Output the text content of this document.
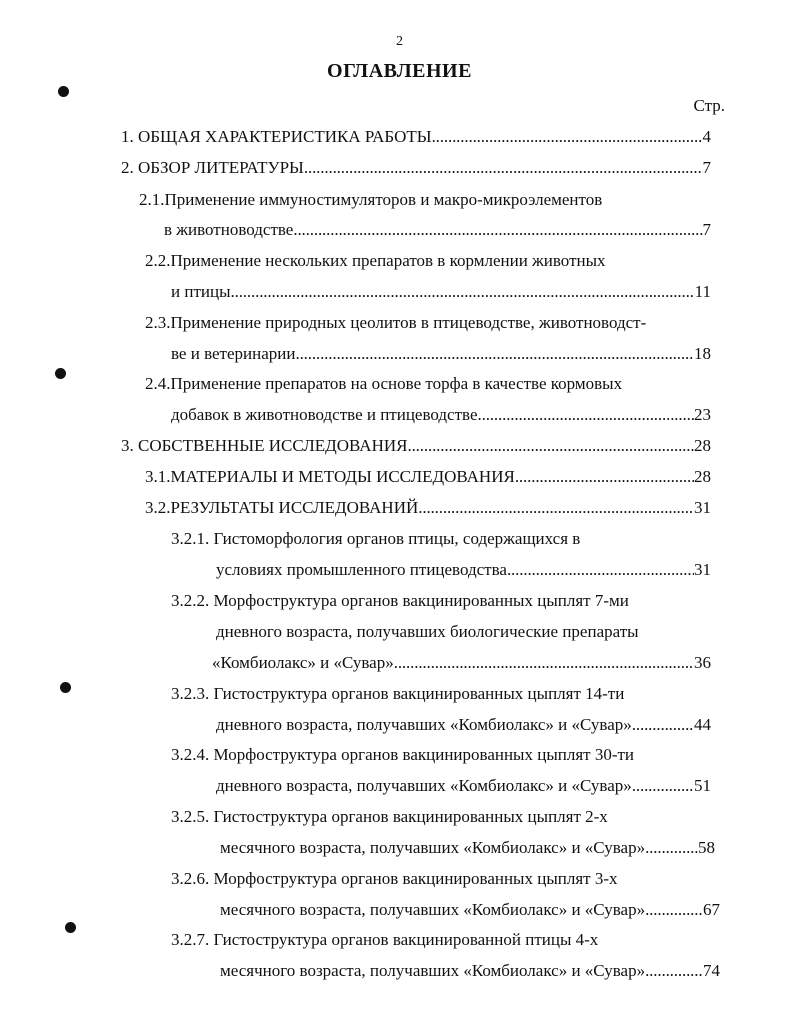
2
ОГЛАВЛЕНИЕ
Стр.
1. ОБЩАЯ ХАРАКТЕРИСТИКА РАБОТЫ . . .	4
2. ОБЗОР ЛИТЕРАТУРЫ . . .	7
2.1.Применение иммуностимуляторов и макро-микроэлементов
в животноводстве . . .	7
2.2.Применение нескольких препаратов в кормлении животных
и птицы . . .	11
2.3.Применение природных цеолитов в птицеводстве, животноводст-
ве и ветеринарии . . .	18
2.4.Применение препаратов на основе торфа в качестве кормовых
добавок в животноводстве и птицеводстве . . .	23
3. СОБСТВЕННЫЕ ИССЛЕДОВАНИЯ . . .	28
3.1.МАТЕРИАЛЫ И МЕТОДЫ ИССЛЕДОВАНИЯ . . .	28
3.2.РЕЗУЛЬТАТЫ ИССЛЕДОВАНИЙ . . .	31
3.2.1. Гистоморфология органов птицы, содержащихся в
условиях промышленного птицеводства . . .	31
3.2.2. Морфоструктура органов вакцинированных цыплят 7-ми
дневного возраста, получавших биологические препараты
«Комбиолакс» и «Сувар» . . .	36
3.2.3. Гистоструктура органов вакцинированных цыплят 14-ти
дневного возраста, получавших «Комбиолакс» и «Сувар» . . .	44
3.2.4. Морфоструктура органов вакцинированных цыплят 30-ти
дневного возраста, получавших «Комбиолакс» и «Сувар» . . .	51
3.2.5. Гистоструктура органов вакцинированных цыплят 2-х
месячного возраста, получавших «Комбиолакс» и «Сувар» . . .	58
3.2.6. Морфоструктура органов вакцинированных цыплят 3-х
месячного возраста, получавших «Комбиолакс» и «Сувар» . . .	67
3.2.7. Гистоструктура органов вакцинированной птицы 4-х
месячного возраста, получавших «Комбиолакс» и «Сувар» . . .	74
